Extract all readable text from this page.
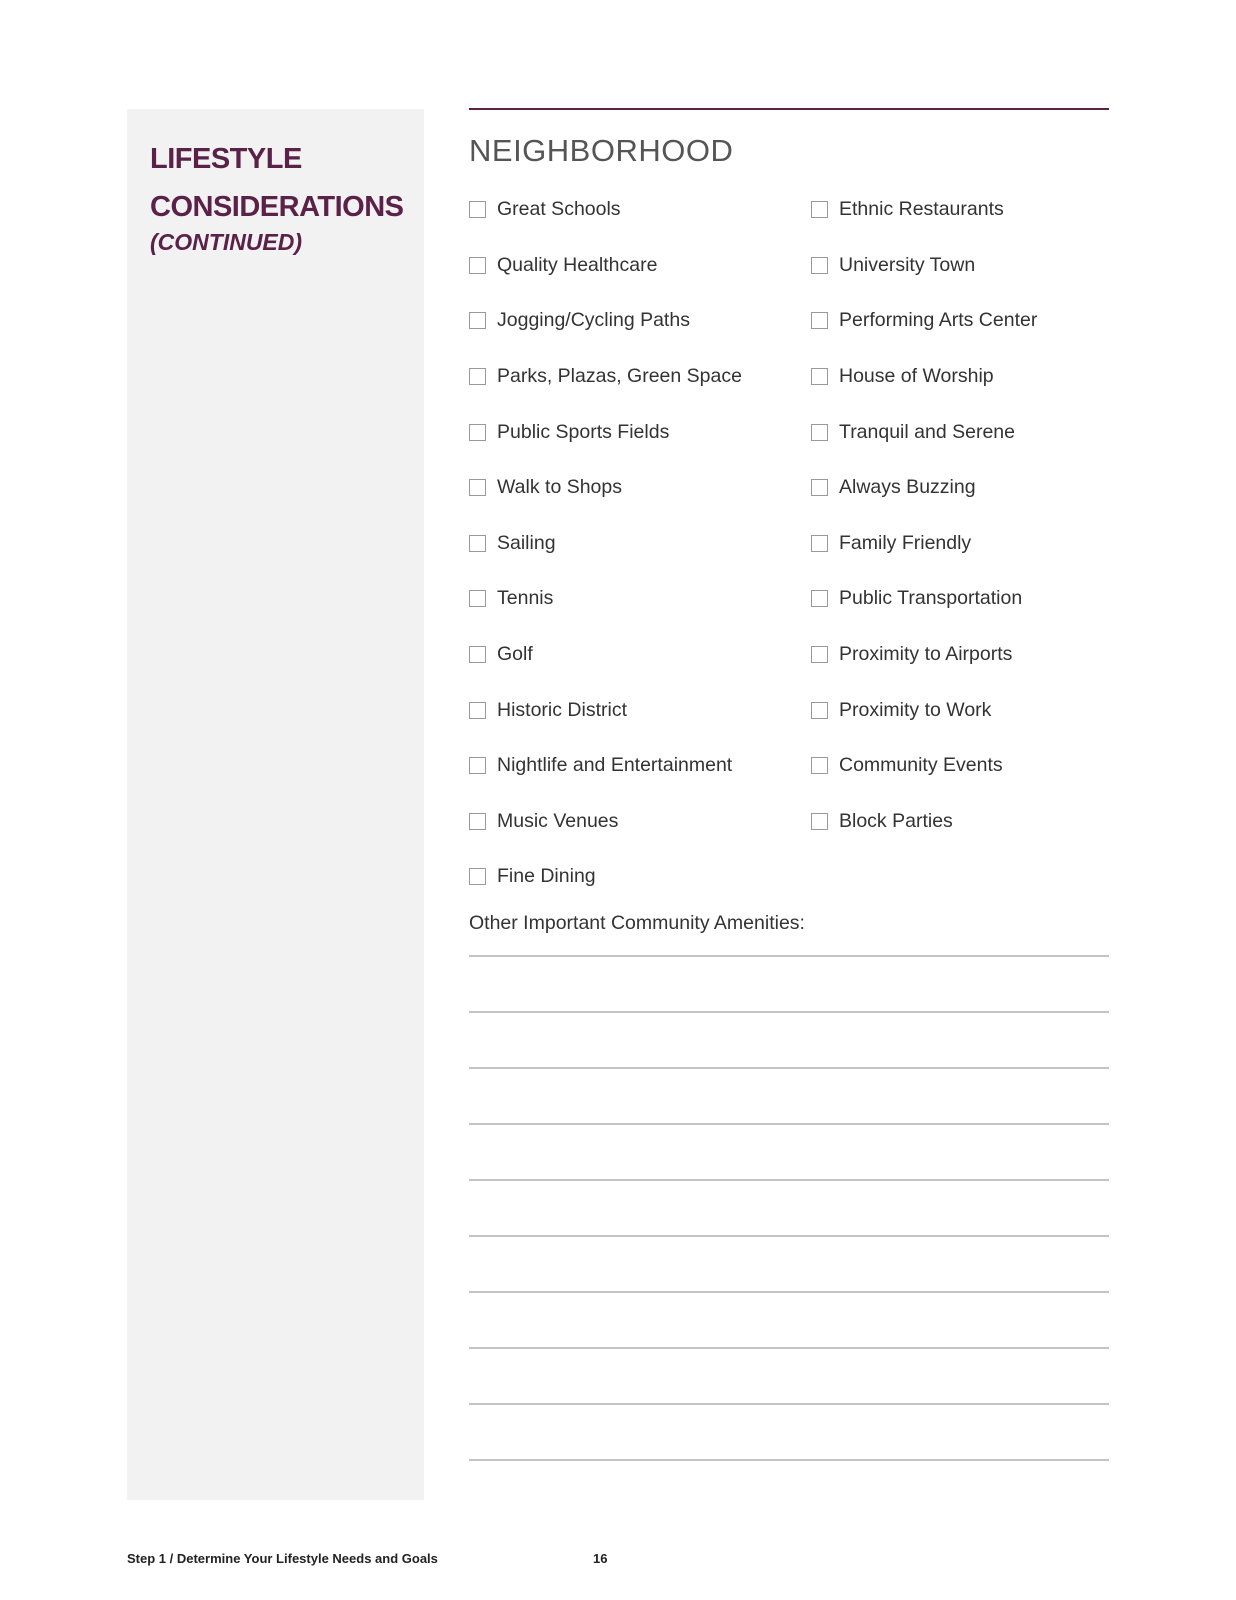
LIFESTYLE
CONSIDERATIONS
(CONTINUED)
NEIGHBORHOOD
Great Schools
Quality Healthcare
Jogging/Cycling Paths
Parks, Plazas, Green Space
Public Sports Fields
Walk to Shops
Sailing
Tennis
Golf
Historic District
Nightlife and Entertainment
Music Venues
Fine Dining
Ethnic Restaurants
University Town
Performing Arts Center
House of Worship
Tranquil and Serene
Always Buzzing
Family Friendly
Public Transportation
Proximity to Airports
Proximity to Work
Community Events
Block Parties
Other Important Community Amenities:
Step 1 / Determine Your Lifestyle Needs and Goals	16
